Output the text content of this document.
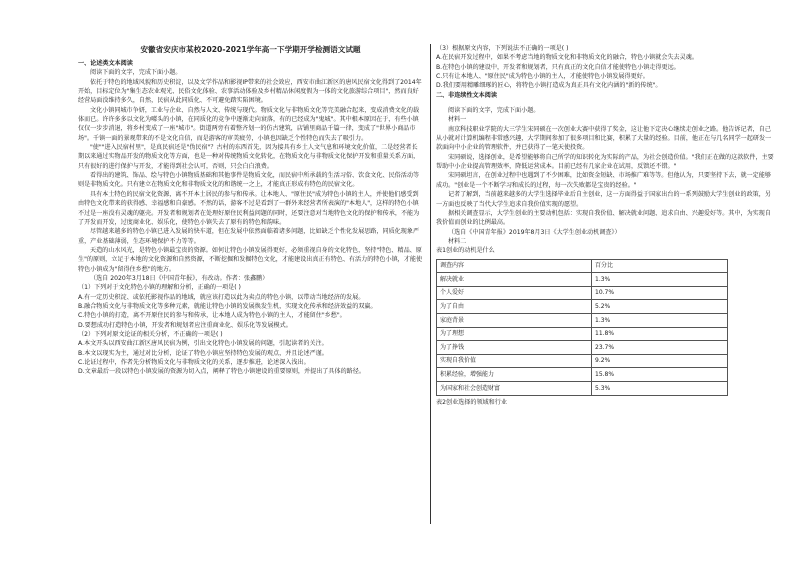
安徽省安庆市某校2020-2021学年高一下学期开学检测语文试题

一、论述类文本阅读

阅读下面的文字，完成下面小题。

依托于特色的地域风貌和历史积淀，以及文学作品和影视IP带来的社会效应，西安市曲江新区的唐风民宿文化得到了2014年开始，目标定位为"集生态农业观光、民俗文化体验、农事活动体验及乡村精品休闲度假为一体的文化旅游综合项目"，然而良好经营局面没维持多久，自然，民宿从此同质化、不可避免踏实陷困境。

文化小镇同城市争妍，工业与企业、自然与人文、传统与现代。物质文化与非物质文化等完美融合起来，变成消费文化的载体而已。许许多多以文化为噱头的小镇，在同质化的竞争中逐渐走向衰落，有的已经成为"鬼城"。其中根本原因在于，有些小镇仅仅一步步消退，将乡村变成了一座"城市"。街道两旁有着整齐划一的仿古建筑，店铺里商品千篇一律，变成了"世界小商品市场"。千镇一面的景观带来的不是文化自信，而是游客的审美疲劳，小镇也因缺乏个性特色而失去了吸引力。

"使""进入民宿村里"，是真民宿还是"伪民宿"？古村的东西首先，因为接具有乡土人文气息和环境文化价值，二是经营者长期以来通过实物品开发的物质文化等方面，也是一种对传统物质文化转化，在物质文化与非物质文化保护开发和重量关系方面，只有很好的进行保护与开发，才能得到社会认可，否则，只会白白浪费。

看得出的建筑、饰品、绘与特色小镇物质基础和其他事件是物质文化，而民宿中所承载的生活习俗、饮食文化、民俗活动等则是非物质文化。只有建立在物质文化和非物质文化的和谐统一之上，才能真正形成有特色的民宿文化。

具有本土特色的民宿文化资源，离不开本土居民的参与和传承。让本地人、"原住民"成为特色小镇的主人，并使他们感受到由特色文化带来的获得感、幸福感和自豪感。不然的话，游客不过是看到了一群外来经营者所表演的"本地人"，这样的特色小镇不过是一座没有灵魂的躯壳。开发者和规划者在处理好原住民利益问题的同时，还要注意对当地特色文化的保护和传承，不能为了开发而开发，过度商业化、娱乐化，使特色小镇失去了原有的特色和韵味。

尽管越来越多的特色小镇已进入发展的快车道，但在发展中依然面临着诸多问题，比如缺乏个性化发展思路，同质化现象严重，产业基础薄弱，生态环境保护不力等等。

天造的山水风光，是特色小镇最宝贵的资源。如何让特色小镇发展得更好，必须重视自身的文化特色，坚持"特色、精品、原生"的原则，立足于本地的文化资源和自然资源，不断挖掘和发掘特色文化，才能建设出真正有特色、有活力的特色小镇，才能使特色小镇成为"留得住乡愁"的地方。

（选自 2020年3月18日《中国青年报》，有改动。作者：张鑫鹏）

（1）下列对于文化特色小镇的理解和分析，正确的一项是( )

A.有一定历史积淀、或依托影视作品的地域，就应该打造以此为卖点的特色小镇，以带动当地经济的发展。

B.融合物质文化与非物质文化等多种元素，就能让特色小镇的发展焕发生机，实现文化传承和经济效益的双赢。

C.特色小镇的打造，离不开原住民的参与和传承，让本地人成为特色小镇的主人，才能留住"乡愁"。

D.要想成功打造特色小镇，开发者和规划者应注重商业化、娱乐化等发展模式。

（2）下列对原文论证的相关分析，不正确的一项是( )

A.本文开头以西安曲江新区唐风民宿为例，引出文化特色小镇发展的问题，引起读者的关注。

B.本文以现实为主，通过对比分析，论证了特色小镇应坚持特色发展的观点，并且论述严谨。

C.论证过程中，作者先分析物质文化与非物质文化的关系，逐步推进，论述深入浅出。

D.文章最后一段以特色小镇发展的资源为切入点，阐释了特色小镇建设的重要原则，并提出了具体的路径。

（3）根据原文内容，下列说法不正确的一项是( )

A.在民宿开发过程中，如果不考虑当地的物质文化和非物质文化的融合，特色小镇就会失去灵魂。

B.在特色小镇的建设中，开发者和规划者，只有真正的文化自信才能使特色小镇走得更远。

C.只有让本地人、"原住民"成为特色小镇的主人，才能使特色小镇发展得更好。

D.我们要用精雕细琢的匠心，将特色小镇打造成为真正具有文化内涵的"新的传统"。

二、非连续性文本阅读

阅读下面的文字，完成下面小题。

材料一

南京科技职业学院的大三学生宋同硕在一次创业大赛中获得了奖金，这让他下定决心继续走创业之路。他告诉记者，自己从小就对计算机编程非常感兴趣，大学期间参加了很多项目和比赛，积累了大量的经验。目前，他正在与几名同学一起研发一款面向中小企业的管理软件，并已获得了一笔天使投资。

宋同硕说，选择创业，是希望能够将自己所学的知识转化为实际的产品，为社会创造价值。"我们正在做的这款软件，主要帮助中小企业提高管理效率，降低运营成本。目前已经有几家企业在试用，反馈还不错。"

宋同硕坦言，在创业过程中也遇到了不少困难，比如资金短缺、市场推广难等等。但他认为，只要坚持下去，就一定能够成功。"创业是一个不断学习和成长的过程，每一次失败都是宝贵的经验。"

记者了解到，当前越来越多的大学生选择毕业后自主创业，这一方面得益于国家出台的一系列鼓励大学生创业的政策，另一方面也反映了当代大学生追求自我价值实现的愿望。

据相关调查显示，大学生创业的主要动机包括：实现自我价值、解决就业问题、追求自由、兴趣爱好等。其中，为实现自我价值而创业的比例最高。

（选自《中国青年报》2019年8月3日《大学生创业动机调查》）

材料二

表1创业的动机是什么

调查内容	百分比
解决就业	1.3%
个人爱好	10.7%
为了自由	5.2%
家庭背景	1.3%
为了理想	11.8%
为了挣钱	23.7%
实现自我价值	9.2%
积累经验，增强能力	15.8%
为国家和社会创造财富	5.3%

表2创业选择的领域和行业
